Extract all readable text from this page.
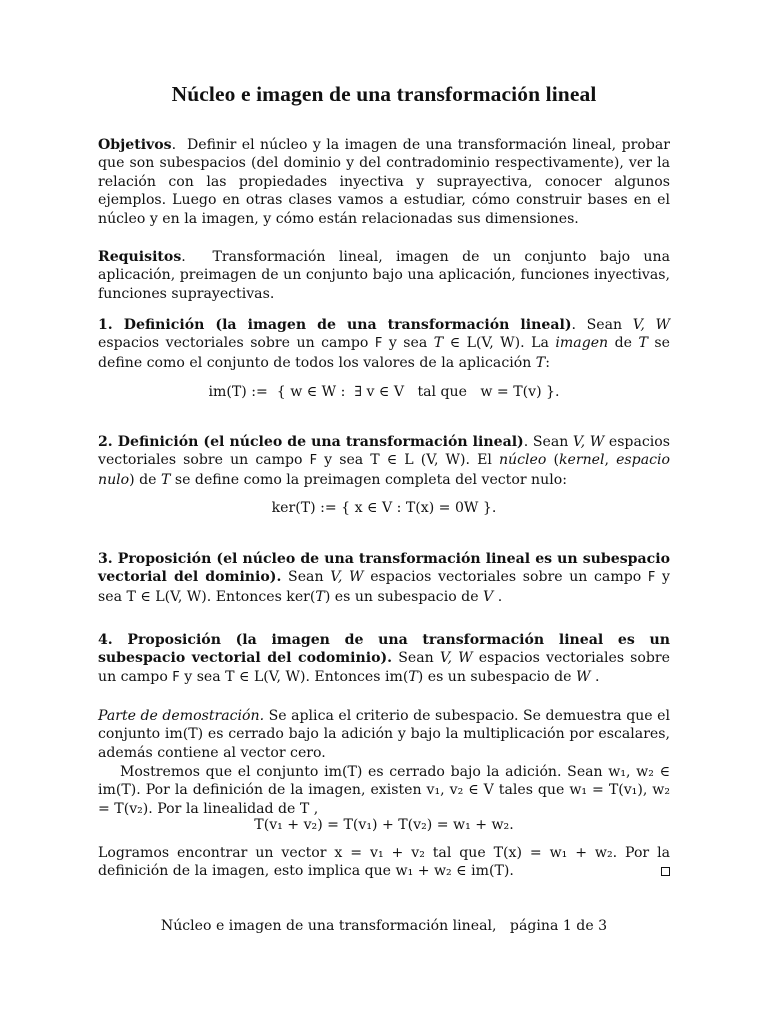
Núcleo e imagen de una transformación lineal
Objetivos.  Definir el núcleo y la imagen de una transformación lineal, probar que son subespacios (del dominio y del contradominio respectivamente), ver la relación con las propiedades inyectiva y suprayectiva, conocer algunos ejemplos. Luego en otras clases vamos a estudiar, cómo construir bases en el núcleo y en la imagen, y cómo están relacionadas sus dimensiones.
Requisitos.  Transformación lineal, imagen de un conjunto bajo una aplicación, preimagen de un conjunto bajo una aplicación, funciones inyectivas, funciones suprayectivas.
1. Definición (la imagen de una transformación lineal). Sean V, W espacios vectoriales sobre un campo F y sea T ∈ L(V, W). La imagen de T se define como el conjunto de todos los valores de la aplicación T:
im(T) :=  { w ∈ W :  ∃ v ∈ V   tal que   w = T(v) }.
2. Definición (el núcleo de una transformación lineal). Sean V, W espacios vectoriales sobre un campo F y sea T ∈ L (V, W). El núcleo (kernel, espacio nulo) de T se define como la preimagen completa del vector nulo:
ker(T) := { x ∈ V : T(x) = 0W }.
3. Proposición (el núcleo de una transformación lineal es un subespacio vectorial del dominio). Sean V, W espacios vectoriales sobre un campo F y sea T ∈ L(V, W). Entonces ker(T) es un subespacio de V .
4. Proposición (la imagen de una transformación lineal es un subespacio vectorial del codominio). Sean V, W espacios vectoriales sobre un campo F y sea T ∈ L(V, W). Entonces im(T) es un subespacio de W .
Parte de demostración. Se aplica el criterio de subespacio. Se demuestra que el conjunto im(T) es cerrado bajo la adición y bajo la multiplicación por escalares, además contiene al vector cero.
Mostremos que el conjunto im(T) es cerrado bajo la adición. Sean w₁, w₂ ∈ im(T). Por la definición de la imagen, existen v₁, v₂ ∈ V tales que w₁ = T(v₁), w₂ = T(v₂). Por la linealidad de T ,
T(v₁ + v₂) = T(v₁) + T(v₂) = w₁ + w₂.
Logramos encontrar un vector x = v₁ + v₂ tal que T(x) = w₁ + w₂. Por la definición de la imagen, esto implica que w₁ + w₂ ∈ im(T).
Núcleo e imagen de una transformación lineal, página 1 de 3
